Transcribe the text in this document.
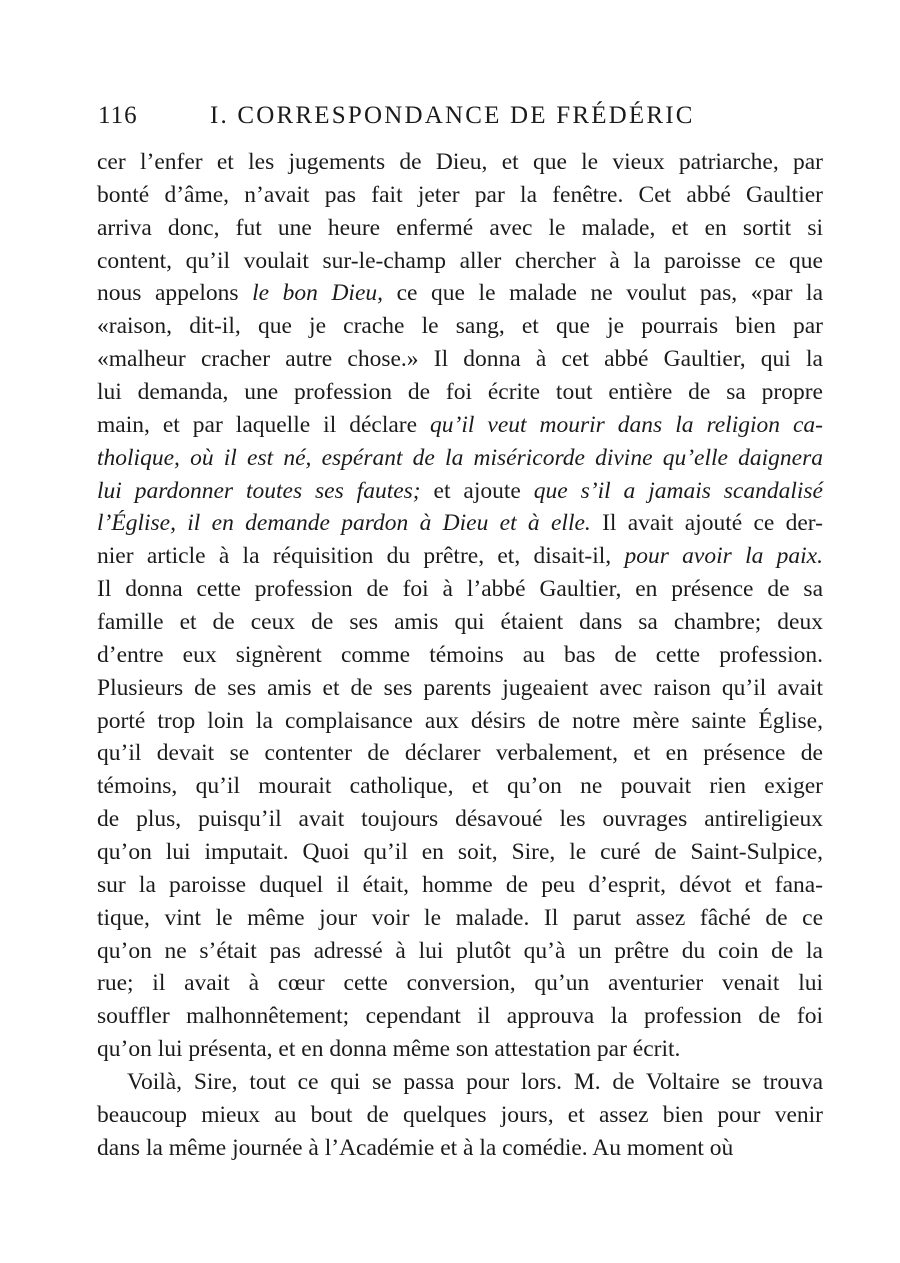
116	I. CORRESPONDANCE DE FRÉDÉRIC
cer l’enfer et les jugements de Dieu, et que le vieux patriarche, par
bonté d’âme, n’avait pas fait jeter par la fenêtre. Cet abbé Gaultier
arriva donc, fut une heure enfermé avec le malade, et en sortit si
content, qu’il voulait sur-le-champ aller chercher à la paroisse ce que
nous appelons le bon Dieu, ce que le malade ne voulut pas, «par la
«raison, dit-il, que je crache le sang, et que je pourrais bien par
«malheur cracher autre chose.» Il donna à cet abbé Gaultier, qui la
lui demanda, une profession de foi écrite tout entière de sa propre
main, et par laquelle il déclare qu’il veut mourir dans la religion ca-
tholique, où il est né, espérant de la miséricorde divine qu’elle daignera
lui pardonner toutes ses fautes; et ajoute que s’il a jamais scandalisé
l’Église, il en demande pardon à Dieu et à elle. Il avait ajouté ce der-
nier article à la réquisition du prêtre, et, disait-il, pour avoir la paix.
Il donna cette profession de foi à l’abbé Gaultier, en présence de sa
famille et de ceux de ses amis qui étaient dans sa chambre; deux
d’entre eux signèrent comme témoins au bas de cette profession.
Plusieurs de ses amis et de ses parents jugeaient avec raison qu’il avait
porté trop loin la complaisance aux désirs de notre mère sainte Église,
qu’il devait se contenter de déclarer verbalement, et en présence de
témoins, qu’il mourait catholique, et qu’on ne pouvait rien exiger
de plus, puisqu’il avait toujours désavoué les ouvrages antireligieux
qu’on lui imputait. Quoi qu’il en soit, Sire, le curé de Saint-Sulpice,
sur la paroisse duquel il était, homme de peu d’esprit, dévot et fana-
tique, vint le même jour voir le malade. Il parut assez fâché de ce
qu’on ne s’était pas adressé à lui plutôt qu’à un prêtre du coin de la
rue; il avait à cœur cette conversion, qu’un aventurier venait lui
souffler malhonnêtement; cependant il approuva la profession de foi
qu’on lui présenta, et en donna même son attestation par écrit.
Voilà, Sire, tout ce qui se passa pour lors. M. de Voltaire se trouva
beaucoup mieux au bout de quelques jours, et assez bien pour venir
dans la même journée à l’Académie et à la comédie. Au moment où
